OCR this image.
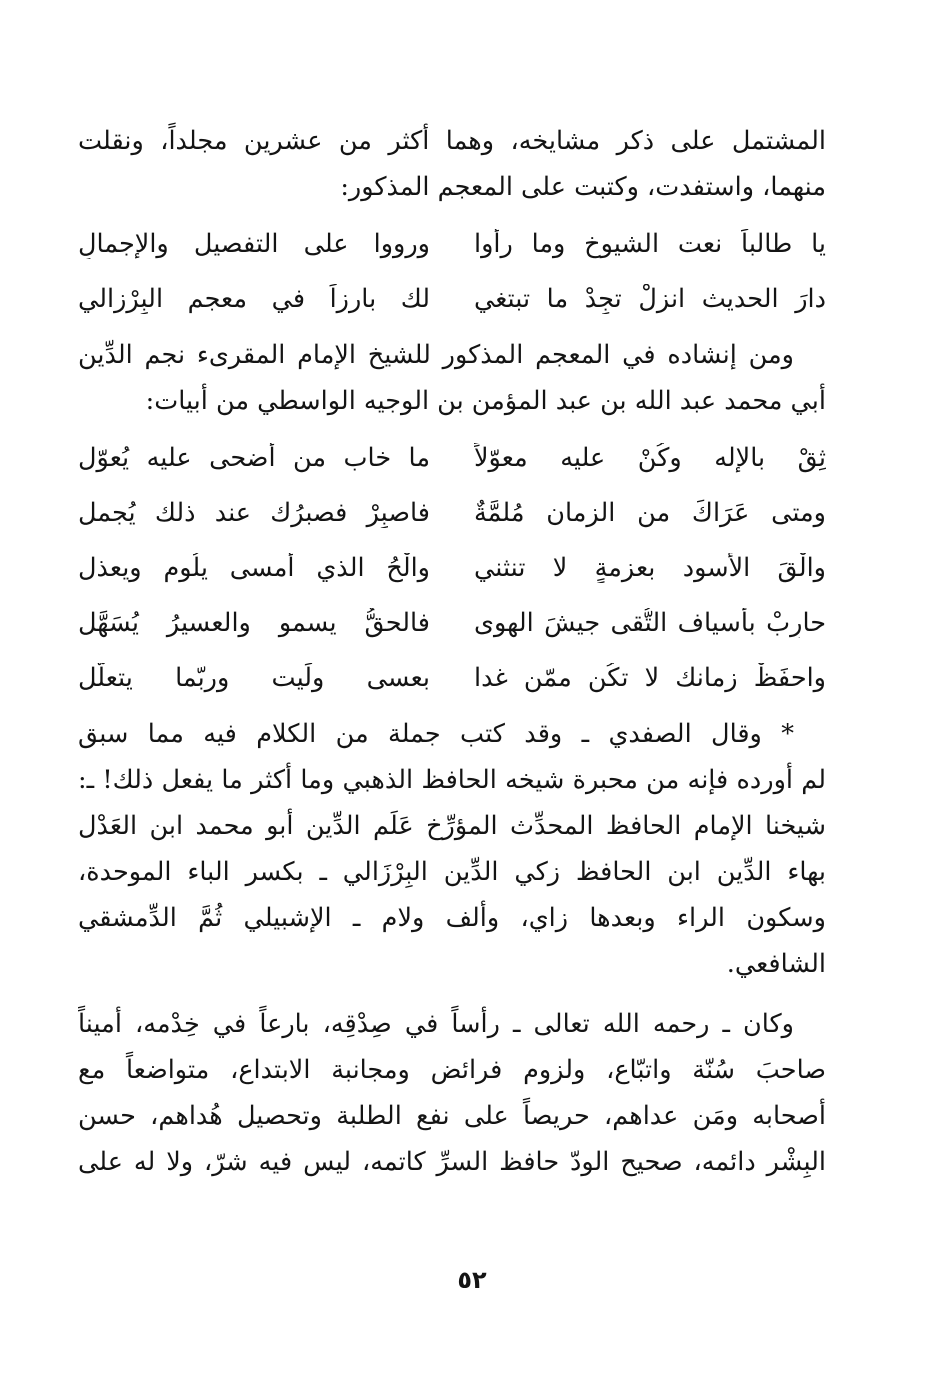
المشتمل على ذكر مشايخه، وهما أكثر من عشرين مجلداً، ونقلت
منهما، واستفدت، وكتبت على المعجم المذكور:
يا طالباً نعت الشيوخ وما رأوا
ورووا على التفصيل والإجمالِ
دارَ الحديث انزلْ تجِدْ ما تبتغي
لك بارزاً في معجم البِرْزالي
ومن إنشاده في المعجم المذكور للشيخ الإمام المقرىء نجم الدِّين
أبي محمد عبد الله بن عبد المؤمن بن الوجيه الواسطي من أبيات:
ثِقْ بالإله وكُنْ عليه معوّلاً
ما خاب من أضحى عليه يُعوّل
ومتى عَرَاكَ من الزمان مُلمَّةٌ
فاصبِرْ فصبرُك عند ذلك يُجمل
والْقَ الأسود بعزمةٍ لا تنثني
والْحُ الذي أمسى يلُوم ويعذل
حارِبْ بأسياف التُّقى جيشَ الهوى
فالحقُّ يسمو والعسيرُ يُسَهَّل
واحفَظْ زمانك لا تكُن ممّن غدا
بعسى ولَيت وربّما يتعلّل
* وقال الصفدي ـ وقد كتب جملة من الكلام فيه مما سبق
لم أورده فإنه من محبرة شيخه الحافظ الذهبي وما أكثر ما يفعل ذلك! ـ:
شيخنا الإمام الحافظ المحدِّث المؤرِّخ عَلَم الدِّين أبو محمد ابن العَدْل
بهاء الدِّين ابن الحافظ زكي الدِّين البِرْزَالي ـ بكسر الباء الموحدة،
وسكون الراء وبعدها زاي، وألف ولام ـ الإشبيلي ثُمَّ الدِّمشقي
الشافعي.
وكان ـ رحمه الله تعالى ـ رأساً في صِدْقِه، بارعاً في خِدْمه، أميناً
صاحبَ سُنّة واتبّاع، ولزوم فرائض ومجانبة الابتداع، متواضعاً مع
أصحابه ومَن عداهم، حريصاً على نفع الطلبة وتحصيل هُداهم، حسن
البِشْر دائمه، صحيح الودّ حافظ السرِّ كاتمه، ليس فيه شرّ، ولا له على
٥٢
